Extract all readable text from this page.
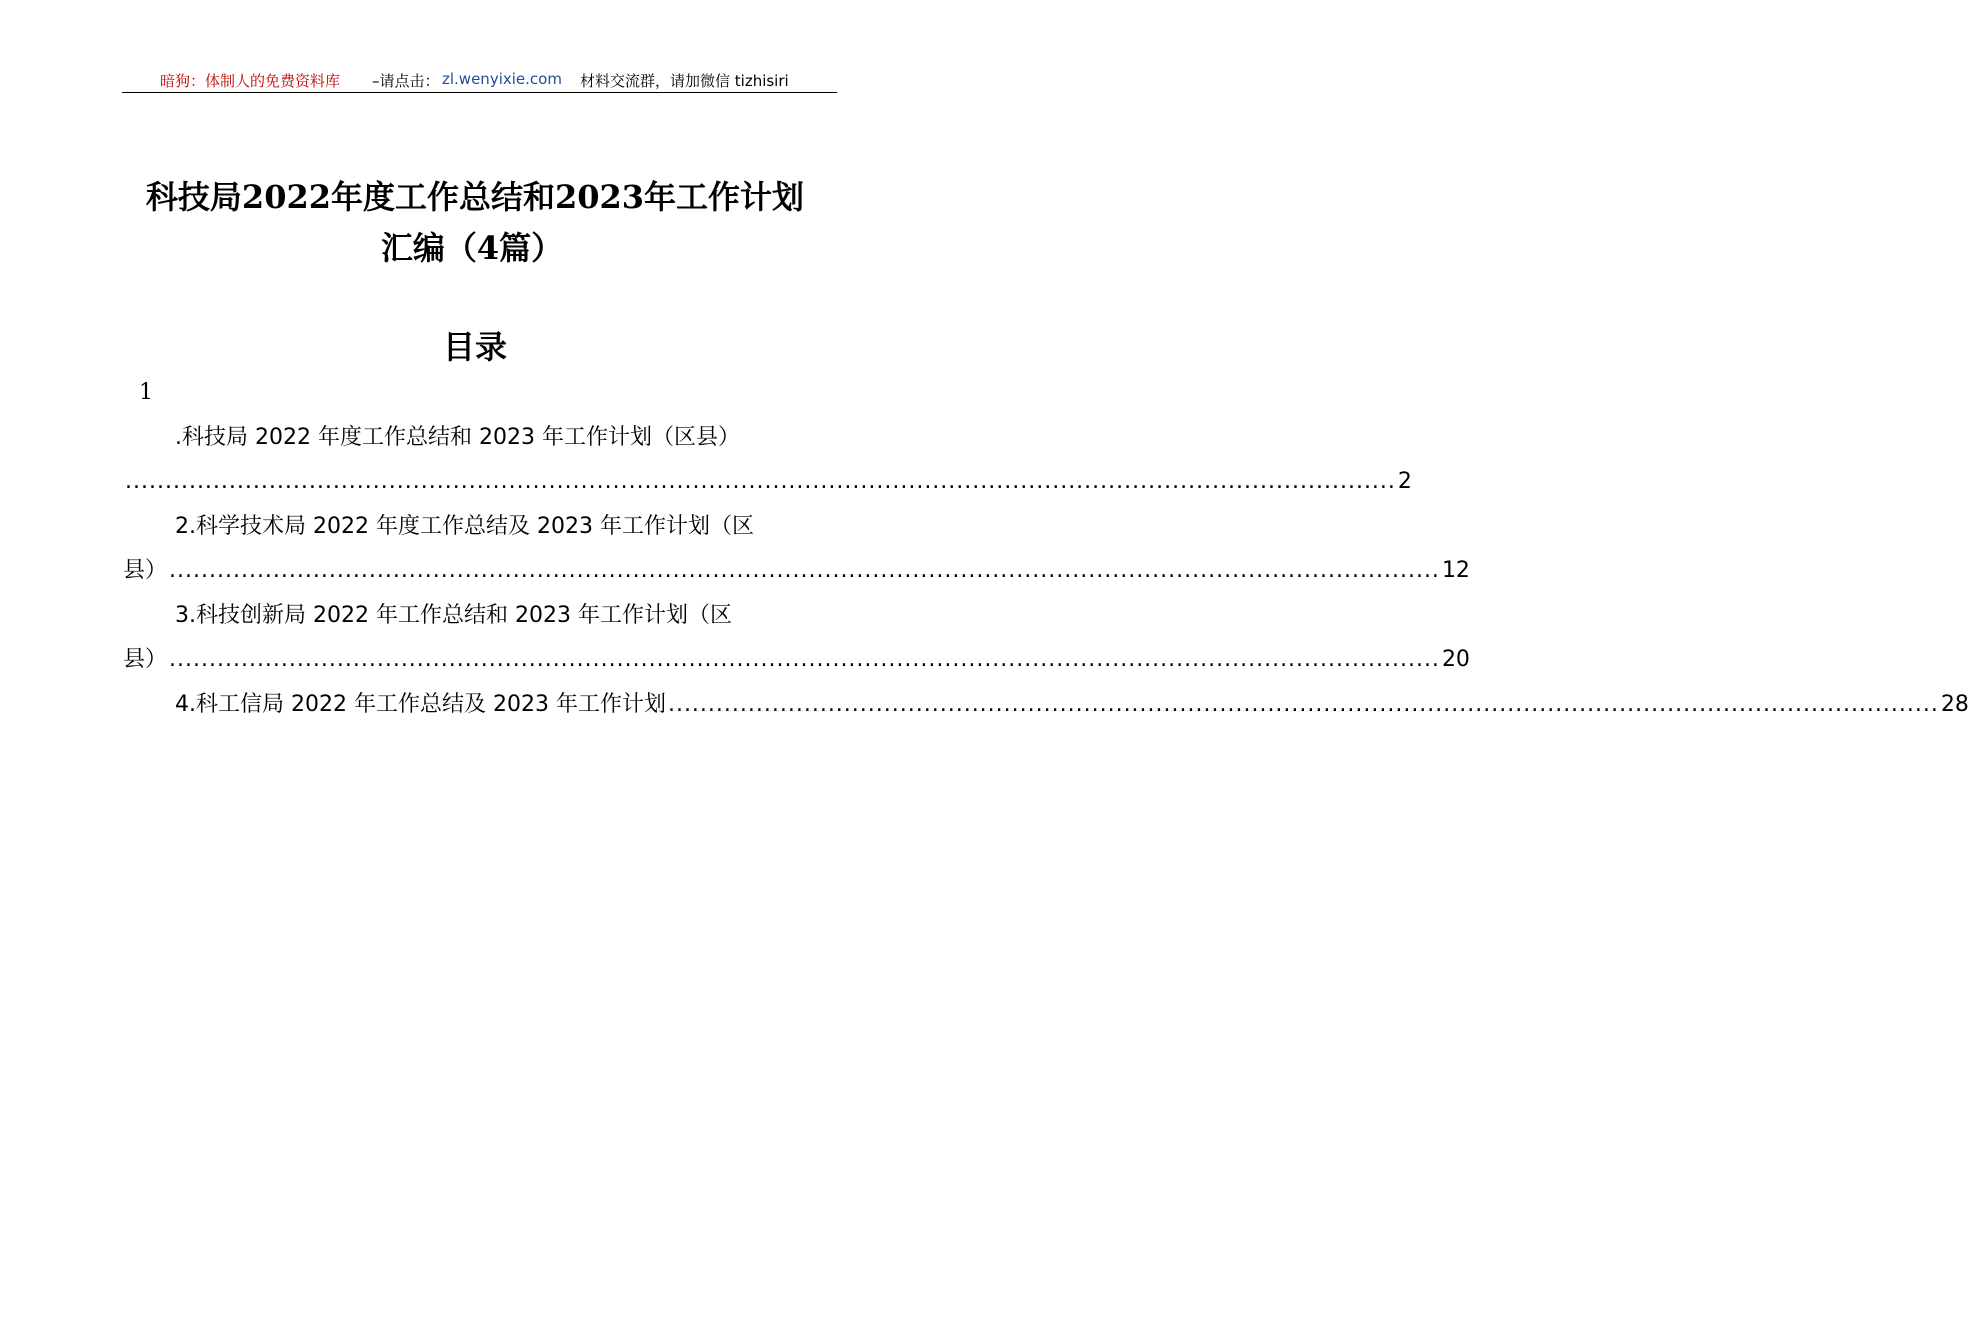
暗狗：体制人的免费资料库 –请点击： zl.wenyixie.com 材料交流群，请加微信 tizhisiri
科技局2022年度工作总结和2023年工作计划
汇编（4篇）
目录
1
.科技局 2022 年度工作总结和 2023 年工作计划（区县）
............................................................................................................................................................... 2
2.科学技术局 2022 年度工作总结及 2023 年工作计划（区
县） ............................................................................................................................................................... 12
3.科技创新局 2022 年工作总结和 2023 年工作计划（区
县） ............................................................................................................................................................... 20
4.科工信局 2022 年工作总结及 2023 年工作计划 ............................................................................................................................................................... 28
